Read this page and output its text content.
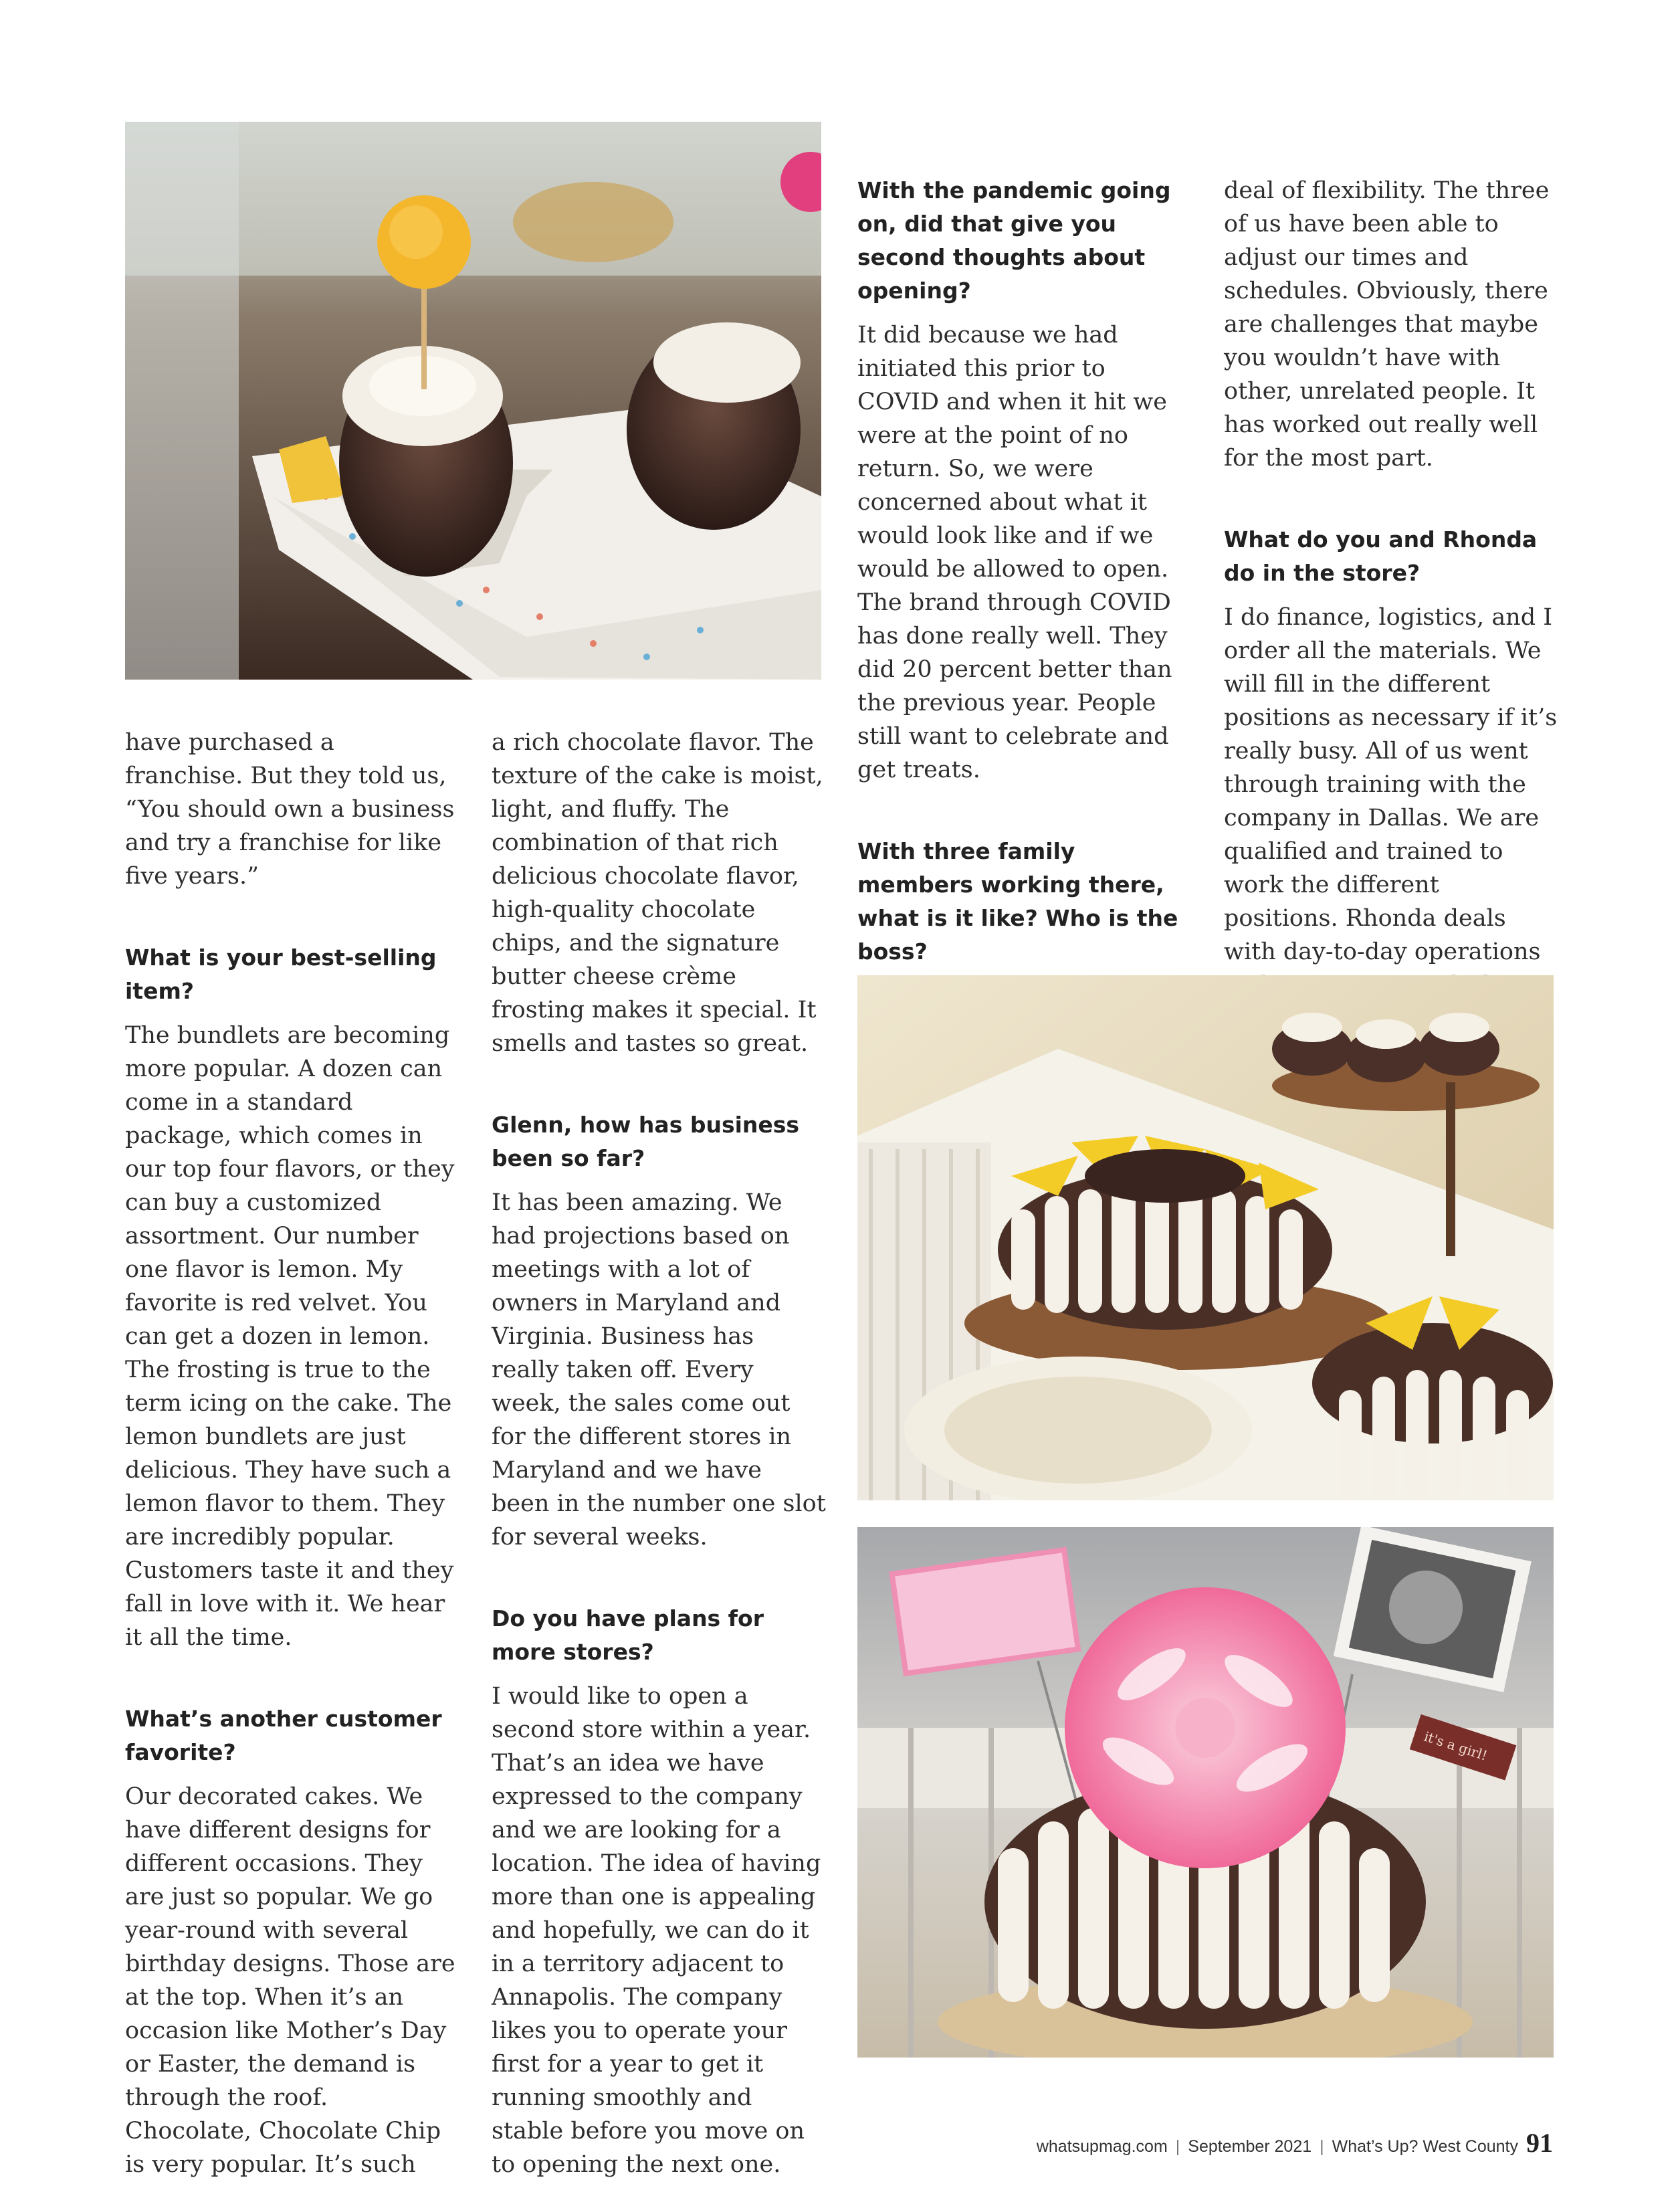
have purchased a franchise. But they told us, “You should own a business and try a franchise for like five years.”

What is your best-selling item?

The bundlets are becoming more popular. A dozen can come in a standard package, which comes in our top four flavors, or they can buy a customized assortment. Our number one flavor is lemon. My favorite is red velvet. You can get a dozen in lemon. The frosting is true to the term icing on the cake. The lemon bundlets are just delicious. They have such a lemon flavor to them. They are incredibly popular. Customers taste it and they fall in love with it. We hear it all the time.

What’s another customer favorite?

Our decorated cakes. We have different designs for different occasions. They are just so popular. We go year-round with several birthday designs. Those are at the top. When it’s an occasion like Mother’s Day or Easter, the demand is through the roof. Chocolate, Chocolate Chip is very popular. It’s such

a rich chocolate flavor. The texture of the cake is moist, light, and fluffy. The combination of that rich delicious chocolate flavor, high-quality chocolate chips, and the signature butter cheese crème frosting makes it special. It smells and tastes so great.

Glenn, how has business been so far?

It has been amazing. We had projections based on meetings with a lot of owners in Maryland and Virginia. Business has really taken off. Every week, the sales come out for the different stores in Maryland and we have been in the number one slot for several weeks.

Do you have plans for more stores?

I would like to open a second store within a year. That’s an idea we have expressed to the company and we are looking for a location. The idea of having more than one is appealing and hopefully, we can do it in a territory adjacent to Annapolis. The company likes you to operate your first for a year to get it running smoothly and stable before you move on to opening the next one.

With the pandemic going on, did that give you second thoughts about opening?

It did because we had initiated this prior to COVID and when it hit we were at the point of no return. So, we were concerned about what it would look like and if we would be allowed to open. The brand through COVID has done really well. They did 20 percent better than the previous year. People still want to celebrate and get treats.

With three family members working there, what is it like? Who is the boss?

deal of flexibility. The three of us have been able to adjust our times and schedules. Obviously, there are challenges that maybe you wouldn’t have with other, unrelated people. It has worked out really well for the most part.

What do you and Rhonda do in the store?

I do finance, logistics, and I order all the materials. We will fill in the different positions as necessary if it’s really busy. All of us went through training with the company in Dallas. We are qualified and trained to work the different positions. Rhonda deals with day-to-day operations

it's a girl!
whatsupmag.com | September 2021 | What’s Up? West County 91
